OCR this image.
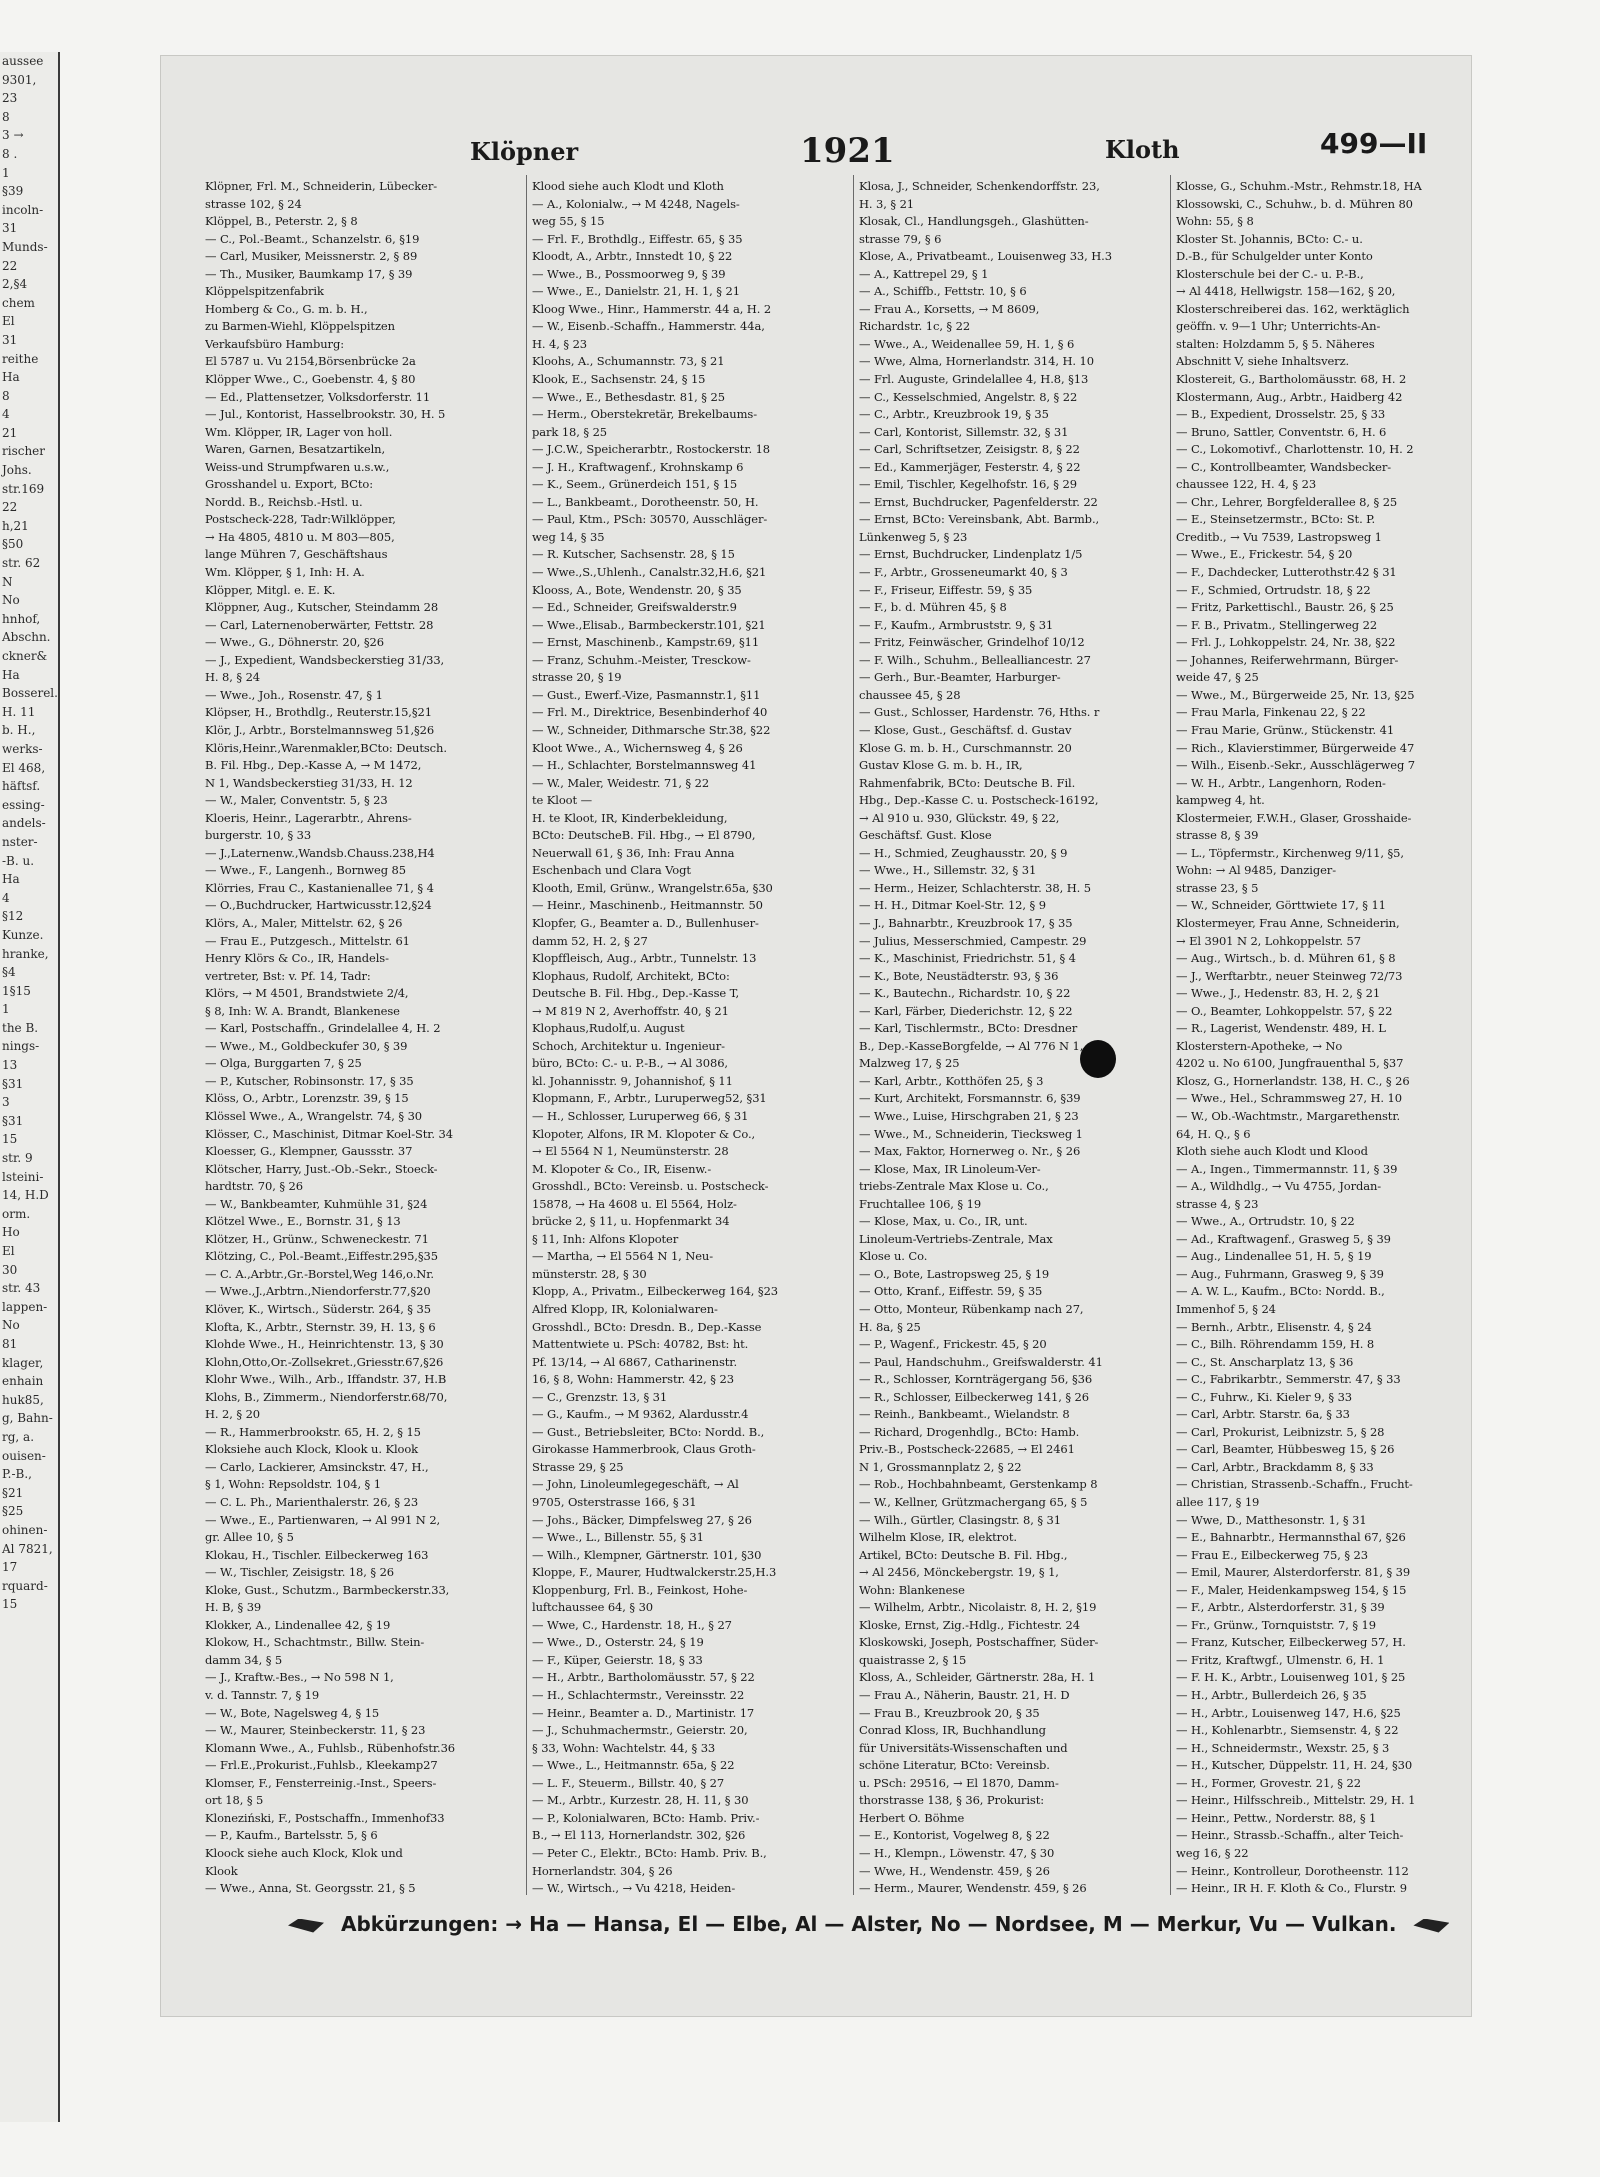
aussee
9301,
23
8
3 →
8 .
1
§39
incoln-
31
Munds-
22
2,§4
chem
El
31
reithe
Ha
8
4
21
rischer
Johs.
str.169
22
h,21
§50
str. 62
N
No
hnhof,
Abschn.
ckner&
Ha
Bosserel.
H. 11
b. H.,
werks-
El 468,
häftsf.
essing-
andels-
nster-
-B. u.
Ha
4
§12
Kunze.
hranke,
§4
1§15
1
the B.
nings-
13
§31
3
§31
15
str. 9
lsteini-
14, H.D
orm.
Ho
El
30
str. 43
lappen-
No
81
klager,
enhain
huk85,
g, Bahn-
rg, a.
ouisen-
P.-B.,
§21
§25
ohinen-
Al 7821,
17
rquard-
15
Klöpner	1921	Kloth	499—II
Klöpner, Frl. M., Schneiderin, Lübecker-
strasse 102, § 24
Klöppel, B., Peterstr. 2, § 8
— C., Pol.-Beamt., Schanzelstr. 6, §19
— Carl, Musiker, Meissnerstr. 2, § 89
— Th., Musiker, Baumkamp 17, § 39
Klöppelspitzenfabrik
Homberg & Co., G. m. b. H.,
zu Barmen-Wiehl, Klöppelspitzen
Verkaufsbüro Hamburg:
El 5787 u. Vu 2154,Börsenbrücke 2a
Klöpper Wwe., C., Goebenstr. 4, § 80
— Ed., Plattensetzer, Volksdorferstr. 11
— Jul., Kontorist, Hasselbrookstr. 30, H. 5
Wm. Klöpper, IR, Lager von holl.
Waren, Garnen, Besatzartikeln,
Weiss-und Strumpfwaren u.s.w.,
Grosshandel u. Export, BCto:
Nordd. B., Reichsb.-Hstl. u.
Postscheck-228, Tadr:Wilklöpper,
→ Ha 4805, 4810 u. M 803—805,
lange Mühren 7, Geschäftshaus
Wm. Klöpper, § 1, Inh: H. A.
Klöpper, Mitgl. e. E. K.
Klöppner, Aug., Kutscher, Steindamm 28
— Carl, Laternenoberwärter, Fettstr. 28
— Wwe., G., Döhnerstr. 20, §26
— J., Expedient, Wandsbeckerstieg 31/33,
H. 8, § 24
— Wwe., Joh., Rosenstr. 47, § 1
Klöpser, H., Brothdlg., Reuterstr.15,§21
Klör, J., Arbtr., Borstelmannsweg 51,§26
Klöris,Heinr.,Warenmakler,BCto: Deutsch.
B. Fil. Hbg., Dep.-Kasse A, → M 1472,
N 1, Wandsbeckerstieg 31/33, H. 12
— W., Maler, Conventstr. 5, § 23
Kloeris, Heinr., Lagerarbtr., Ahrens-
burgerstr. 10, § 33
— J.,Laternenw.,Wandsb.Chauss.238,H4
— Wwe., F., Langenh., Bornweg 85
Klörries, Frau C., Kastanienallee 71, § 4
— O.,Buchdrucker, Hartwicusstr.12,§24
Klörs, A., Maler, Mittelstr. 62, § 26
— Frau E., Putzgesch., Mittelstr. 61
Henry Klörs & Co., IR, Handels-
vertreter, Bst: v. Pf. 14, Tadr:
Klörs, → M 4501, Brandstwiete 2/4,
§ 8, Inh: W. A. Brandt, Blankenese
— Karl, Postschaffn., Grindelallee 4, H. 2
— Wwe., M., Goldbeckufer 30, § 39
— Olga, Burggarten 7, § 25
— P., Kutscher, Robinsonstr. 17, § 35
Klöss, O., Arbtr., Lorenzstr. 39, § 15
Klössel Wwe., A., Wrangelstr. 74, § 30
Klösser, C., Maschinist, Ditmar Koel-Str. 34
Kloesser, G., Klempner, Gaussstr. 37
Klötscher, Harry, Just.-Ob.-Sekr., Stoeck-
hardtstr. 70, § 26
— W., Bankbeamter, Kuhmühle 31, §24
Klötzel Wwe., E., Bornstr. 31, § 13
Klötzer, H., Grünw., Schweneckestr. 71
Klötzing, C., Pol.-Beamt.,Eiffestr.295,§35
— C. A.,Arbtr.,Gr.-Borstel,Weg 146,o.Nr.
— Wwe.,J.,Arbtrn.,Niendorferstr.77,§20
Klöver, K., Wirtsch., Süderstr. 264, § 35
Klofta, K., Arbtr., Sternstr. 39, H. 13, § 6
Klohde Wwe., H., Heinrichtenstr. 13, § 30
Klohn,Otto,Or.-Zollsekret.,Griesstr.67,§26
Klohr Wwe., Wilh., Arb., Iffandstr. 37, H.B
Klohs, B., Zimmerm., Niendorferstr.68/70,
H. 2, § 20
— R., Hammerbrookstr. 65, H. 2, § 15
Kloksiehe auch Klock, Klook u. Klook
— Carlo, Lackierer, Amsinckstr. 47, H.,
§ 1, Wohn: Repsoldstr. 104, § 1
— C. L. Ph., Marienthalerstr. 26, § 23
— Wwe., E., Partienwaren, → Al 991 N 2,
gr. Allee 10, § 5
Klokau, H., Tischler. Eilbeckerweg 163
— W., Tischler, Zeisigstr. 18, § 26
Kloke, Gust., Schutzm., Barmbeckerstr.33,
H. B, § 39
Klokker, A., Lindenallee 42, § 19
Klokow, H., Schachtmstr., Billw. Stein-
damm 34, § 5
— J., Kraftw.-Bes., → No 598 N 1,
v. d. Tannstr. 7, § 19
— W., Bote, Nagelsweg 4, § 15
— W., Maurer, Steinbeckerstr. 11, § 23
Klomann Wwe., A., Fuhlsb., Rübenhofstr.36
— Frl.E.,Prokurist.,Fuhlsb., Kleekamp27
Klomser, F., Fensterreinig.-Inst., Speers-
ort 18, § 5
Kloneziński, F., Postschaffn., Immenhof33
— P., Kaufm., Bartelsstr. 5, § 6
Kloock siehe auch Klock, Klok und
Klook
— Wwe., Anna, St. Georgsstr. 21, § 5
Klood siehe auch Klodt und Kloth
— A., Kolonialw., → M 4248, Nagels-
weg 55, § 15
— Frl. F., Brothdlg., Eiffestr. 65, § 35
Kloodt, A., Arbtr., Innstedt 10, § 22
— Wwe., B., Possmoorweg 9, § 39
— Wwe., E., Danielstr. 21, H. 1, § 21
Kloog Wwe., Hinr., Hammerstr. 44 a, H. 2
— W., Eisenb.-Schaffn., Hammerstr. 44a,
H. 4, § 23
Kloohs, A., Schumannstr. 73, § 21
Klook, E., Sachsenstr. 24, § 15
— Wwe., E., Bethesdastr. 81, § 25
— Herm., Oberstekretär, Brekelbaums-
park 18, § 25
— J.C.W., Speicherarbtr., Rostockerstr. 18
— J. H., Kraftwagenf., Krohnskamp 6
— K., Seem., Grünerdeich 151, § 15
— L., Bankbeamt., Dorotheenstr. 50, H.
— Paul, Ktm., PSch: 30570, Ausschläger-
weg 14, § 35
— R. Kutscher, Sachsenstr. 28, § 15
— Wwe.,S.,Uhlenh., Canalstr.32,H.6, §21
Klooss, A., Bote, Wendenstr. 20, § 35
— Ed., Schneider, Greifswalderstr.9
— Wwe.,Elisab., Barmbeckerstr.101, §21
— Ernst, Maschinenb., Kampstr.69, §11
— Franz, Schuhm.-Meister, Tresckow-
strasse 20, § 19
— Gust., Ewerf.-Vize, Pasmannstr.1, §11
— Frl. M., Direktrice, Besenbinderhof 40
— W., Schneider, Dithmarsche Str.38, §22
Kloot Wwe., A., Wichernsweg 4, § 26
— H., Schlachter, Borstelmannsweg 41
— W., Maler, Weidestr. 71, § 22
te Kloot —
H. te Kloot, IR, Kinderbekleidung,
BCto: DeutscheB. Fil. Hbg., → El 8790,
Neuerwall 61, § 36, Inh: Frau Anna
Eschenbach und Clara Vogt
Klooth, Emil, Grünw., Wrangelstr.65a, §30
— Heinr., Maschinenb., Heitmannstr. 50
Klopfer, G., Beamter a. D., Bullenhuser-
damm 52, H. 2, § 27
Klopffleisch, Aug., Arbtr., Tunnelstr. 13
Klophaus, Rudolf, Architekt, BCto:
Deutsche B. Fil. Hbg., Dep.-Kasse T,
→ M 819 N 2, Averhoffstr. 40, § 21
Klophaus,Rudolf,u. August
Schoch, Architektur u. Ingenieur-
büro, BCto: C.- u. P.-B., → Al 3086,
kl. Johannisstr. 9, Johannishof, § 11
Klopmann, F., Arbtr., Luruperweg52, §31
— H., Schlosser, Luruperweg 66, § 31
Klopoter, Alfons, IR M. Klopoter & Co.,
→ El 5564 N 1, Neumünsterstr. 28
M. Klopoter & Co., IR, Eisenw.-
Grosshdl., BCto: Vereinsb. u. Postscheck-
15878, → Ha 4608 u. El 5564, Holz-
brücke 2, § 11, u. Hopfenmarkt 34
§ 11, Inh: Alfons Klopoter
— Martha, → El 5564 N 1, Neu-
münsterstr. 28, § 30
Klopp, A., Privatm., Eilbeckerweg 164, §23
Alfred Klopp, IR, Kolonialwaren-
Grosshdl., BCto: Dresdn. B., Dep.-Kasse
Mattentwiete u. PSch: 40782, Bst: ht.
Pf. 13/14, → Al 6867, Catharinenstr.
16, § 8, Wohn: Hammerstr. 42, § 23
— C., Grenzstr. 13, § 31
— G., Kaufm., → M 9362, Alardusstr.4
— Gust., Betriebsleiter, BCto: Nordd. B.,
Girokasse Hammerbrook, Claus Groth-
Strasse 29, § 25
— John, Linoleumlegegeschäft, → Al
9705, Osterstrasse 166, § 31
— Johs., Bäcker, Dimpfelsweg 27, § 26
— Wwe., L., Billenstr. 55, § 31
— Wilh., Klempner, Gärtnerstr. 101, §30
Kloppe, F., Maurer, Hudtwalckerstr.25,H.3
Kloppenburg, Frl. B., Feinkost, Hohe-
luftchaussee 64, § 30
— Wwe, C., Hardenstr. 18, H., § 27
— Wwe., D., Osterstr. 24, § 19
— F., Küper, Geierstr. 18, § 33
— H., Arbtr., Bartholomäusstr. 57, § 22
— H., Schlachtermstr., Vereinsstr. 22
— Heinr., Beamter a. D., Martinistr. 17
— J., Schuhmachermstr., Geierstr. 20,
§ 33, Wohn: Wachtelstr. 44, § 33
— Wwe., L., Heitmannstr. 65a, § 22
— L. F., Steuerm., Billstr. 40, § 27
— M., Arbtr., Kurzestr. 28, H. 11, § 30
— P., Kolonialwaren, BCto: Hamb. Priv.-
B., → El 113, Hornerlandstr. 302, §26
— Peter C., Elektr., BCto: Hamb. Priv. B.,
Hornerlandstr. 304, § 26
— W., Wirtsch., → Vu 4218, Heiden-
Klosa, J., Schneider, Schenkendorffstr. 23,
H. 3, § 21
Klosak, Cl., Handlungsgeh., Glashütten-
strasse 79, § 6
Klose, A., Privatbeamt., Louisenweg 33, H.3
— A., Kattrepel 29, § 1
— A., Schiffb., Fettstr. 10, § 6
— Frau A., Korsetts, → M 8609,
Richardstr. 1c, § 22
— Wwe., A., Weidenallee 59, H. 1, § 6
— Wwe, Alma, Hornerlandstr. 314, H. 10
— Frl. Auguste, Grindelallee 4, H.8, §13
— C., Kesselschmied, Angelstr. 8, § 22
— C., Arbtr., Kreuzbrook 19, § 35
— Carl, Kontorist, Sillemstr. 32, § 31
— Carl, Schriftsetzer, Zeisigstr. 8, § 22
— Ed., Kammerjäger, Festerstr. 4, § 22
— Emil, Tischler, Kegelhofstr. 16, § 29
— Ernst, Buchdrucker, Pagenfelderstr. 22
— Ernst, BCto: Vereinsbank, Abt. Barmb.,
Lünkenweg 5, § 23
— Ernst, Buchdrucker, Lindenplatz 1/5
— F., Arbtr., Grosseneumarkt 40, § 3
— F., Friseur, Eiffestr. 59, § 35
— F., b. d. Mühren 45, § 8
— F., Kaufm., Armbruststr. 9, § 31
— Fritz, Feinwäscher, Grindelhof 10/12
— F. Wilh., Schuhm., Bellealliancestr. 27
— Gerh., Bur.-Beamter, Harburger-
chaussee 45, § 28
— Gust., Schlosser, Hardenstr. 76, Hths. r
— Klose, Gust., Geschäftsf. d. Gustav
Klose G. m. b. H., Curschmannstr. 20
Gustav Klose G. m. b. H., IR,
Rahmenfabrik, BCto: Deutsche B. Fil.
Hbg., Dep.-Kasse C. u. Postscheck-16192,
→ Al 910 u. 930, Glückstr. 49, § 22,
Geschäftsf. Gust. Klose
— H., Schmied, Zeughausstr. 20, § 9
— Wwe., H., Sillemstr. 32, § 31
— Herm., Heizer, Schlachterstr. 38, H. 5
— H. H., Ditmar Koel-Str. 12, § 9
— J., Bahnarbtr., Kreuzbrook 17, § 35
— Julius, Messerschmied, Campestr. 29
— K., Maschinist, Friedrichstr. 51, § 4
— K., Bote, Neustädterstr. 93, § 36
— K., Bautechn., Richardstr. 10, § 22
— Karl, Färber, Diederichstr. 12, § 22
— Karl, Tischlermstr., BCto: Dresdner
B., Dep.-KasseBorgfelde, → Al 776 N 1,
Malzweg 17, § 25
— Karl, Arbtr., Kotthöfen 25, § 3
— Kurt, Architekt, Forsmannstr. 6, §39
— Wwe., Luise, Hirschgraben 21, § 23
— Wwe., M., Schneiderin, Tiecksweg 1
— Max, Faktor, Hornerweg o. Nr., § 26
— Klose, Max, IR Linoleum-Ver-
triebs-Zentrale Max Klose u. Co.,
Fruchtallee 106, § 19
— Klose, Max, u. Co., IR, unt.
Linoleum-Vertriebs-Zentrale, Max
Klose u. Co.
— O., Bote, Lastropsweg 25, § 19
— Otto, Kranf., Eiffestr. 59, § 35
— Otto, Monteur, Rübenkamp nach 27,
H. 8a, § 25
— P., Wagenf., Frickestr. 45, § 20
— Paul, Handschuhm., Greifswalderstr. 41
— R., Schlosser, Kornträgergang 56, §36
— R., Schlosser, Eilbeckerweg 141, § 26
— Reinh., Bankbeamt., Wielandstr. 8
— Richard, Drogenhdlg., BCto: Hamb.
Priv.-B., Postscheck-22685, → El 2461
N 1, Grossmannplatz 2, § 22
— Rob., Hochbahnbeamt, Gerstenkamp 8
— W., Kellner, Grützmachergang 65, § 5
— Wilh., Gürtler, Clasingstr. 8, § 31
Wilhelm Klose, IR, elektrot.
Artikel, BCto: Deutsche B. Fil. Hbg.,
→ Al 2456, Mönckebergstr. 19, § 1,
Wohn: Blankenese
— Wilhelm, Arbtr., Nicolaistr. 8, H. 2, §19
Kloske, Ernst, Zig.-Hdlg., Fichtestr. 24
Kloskowski, Joseph, Postschaffner, Süder-
quaistrasse 2, § 15
Kloss, A., Schleider, Gärtnerstr. 28a, H. 1
— Frau A., Näherin, Baustr. 21, H. D
— Frau B., Kreuzbrook 20, § 35
Conrad Kloss, IR, Buchhandlung
für Universitäts-Wissenschaften und
schöne Literatur, BCto: Vereinsb.
u. PSch: 29516, → El 1870, Damm-
thorstrasse 138, § 36, Prokurist:
Herbert O. Böhme
— E., Kontorist, Vogelweg 8, § 22
— H., Klempn., Löwenstr. 47, § 30
— Wwe, H., Wendenstr. 459, § 26
— Herm., Maurer, Wendenstr. 459, § 26
Klosse, G., Schuhm.-Mstr., Rehmstr.18, HA
Klossowski, C., Schuhw., b. d. Mühren 80
Wohn: 55, § 8
Kloster St. Johannis, BCto: C.- u.
D.-B., für Schulgelder unter Konto
Klosterschule bei der C.- u. P.-B.,
→ Al 4418, Hellwigstr. 158—162, § 20,
Klosterschreiberei das. 162, werktäglich
geöffn. v. 9—1 Uhr; Unterrichts-An-
stalten: Holzdamm 5, § 5. Näheres
Abschnitt V, siehe Inhaltsverz.
Klostereit, G., Bartholomäusstr. 68, H. 2
Klostermann, Aug., Arbtr., Haidberg 42
— B., Expedient, Drosselstr. 25, § 33
— Bruno, Sattler, Conventstr. 6, H. 6
— C., Lokomotivf., Charlottenstr. 10, H. 2
— C., Kontrollbeamter, Wandsbecker-
chaussee 122, H. 4, § 23
— Chr., Lehrer, Borgfelderallee 8, § 25
— E., Steinsetzermstr., BCto: St. P.
Creditb., → Vu 7539, Lastropsweg 1
— Wwe., E., Frickestr. 54, § 20
— F., Dachdecker, Lutterothstr.42 § 31
— F., Schmied, Ortrudstr. 18, § 22
— Fritz, Parkettischl., Baustr. 26, § 25
— F. B., Privatm., Stellingerweg 22
— Frl. J., Lohkoppelstr. 24, Nr. 38, §22
— Johannes, Reiferwehrmann, Bürger-
weide 47, § 25
— Wwe., M., Bürgerweide 25, Nr. 13, §25
— Frau Marla, Finkenau 22, § 22
— Frau Marie, Grünw., Stückenstr. 41
— Rich., Klavierstimmer, Bürgerweide 47
— Wilh., Eisenb.-Sekr., Ausschlägerweg 7
— W. H., Arbtr., Langenhorn, Roden-
kampweg 4, ht.
Klostermeier, F.W.H., Glaser, Grosshaide-
strasse 8, § 39
— L., Töpfermstr., Kirchenweg 9/11, §5,
Wohn: → Al 9485, Danziger-
strasse 23, § 5
— W., Schneider, Görttwiete 17, § 11
Klostermeyer, Frau Anne, Schneiderin,
→ El 3901 N 2, Lohkoppelstr. 57
— Aug., Wirtsch., b. d. Mühren 61, § 8
— J., Werftarbtr., neuer Steinweg 72/73
— Wwe., J., Hedenstr. 83, H. 2, § 21
— O., Beamter, Lohkoppelstr. 57, § 22
— R., Lagerist, Wendenstr. 489, H. L
Klosterstern-Apotheke, → No
4202 u. No 6100, Jungfrauenthal 5, §37
Klosz, G., Hornerlandstr. 138, H. C., § 26
— Wwe., Hel., Schrammsweg 27, H. 10
— W., Ob.-Wachtmstr., Margarethenstr.
64, H. Q., § 6
Kloth siehe auch Klodt und Klood
— A., Ingen., Timmermannstr. 11, § 39
— A., Wildhdlg., → Vu 4755, Jordan-
strasse 4, § 23
— Wwe., A., Ortrudstr. 10, § 22
— Ad., Kraftwagenf., Grasweg 5, § 39
— Aug., Lindenallee 51, H. 5, § 19
— Aug., Fuhrmann, Grasweg 9, § 39
— A. W. L., Kaufm., BCto: Nordd. B.,
Immenhof 5, § 24
— Bernh., Arbtr., Elisenstr. 4, § 24
— C., Bilh. Röhrendamm 159, H. 8
— C., St. Anscharplatz 13, § 36
— C., Fabrikarbtr., Semmerstr. 47, § 33
— C., Fuhrw., Ki. Kieler 9, § 33
— Carl, Arbtr. Starstr. 6a, § 33
— Carl, Prokurist, Leibnizstr. 5, § 28
— Carl, Beamter, Hübbesweg 15, § 26
— Carl, Arbtr., Brackdamm 8, § 33
— Christian, Strassenb.-Schaffn., Frucht-
allee 117, § 19
— Wwe, D., Matthesonstr. 1, § 31
— E., Bahnarbtr., Hermannsthal 67, §26
— Frau E., Eilbeckerweg 75, § 23
— Emil, Maurer, Alsterdorferstr. 81, § 39
— F., Maler, Heidenkampsweg 154, § 15
— F., Arbtr., Alsterdorferstr. 31, § 39
— Fr., Grünw., Tornquiststr. 7, § 19
— Franz, Kutscher, Eilbeckerweg 57, H.
— Fritz, Kraftwgf., Ulmenstr. 6, H. 1
— F. H. K., Arbtr., Louisenweg 101, § 25
— H., Arbtr., Bullerdeich 26, § 35
— H., Arbtr., Louisenweg 147, H.6, §25
— H., Kohlenarbtr., Siemsenstr. 4, § 22
— H., Schneidermstr., Wexstr. 25, § 3
— H., Kutscher, Düppelstr. 11, H. 24, §30
— H., Former, Grovestr. 21, § 22
— Heinr., Hilfsschreib., Mittelstr. 29, H. 1
— Heinr., Pettw., Norderstr. 88, § 1
— Heinr., Strassb.-Schaffn., alter Teich-
weg 16, § 22
— Heinr., Kontrolleur, Dorotheenstr. 112
— Heinr., IR H. F. Kloth & Co., Flurstr. 9
Abkürzungen: → Ha — Hansa, El — Elbe, Al — Alster, No — Nordsee, M — Merkur, Vu — Vulkan.
